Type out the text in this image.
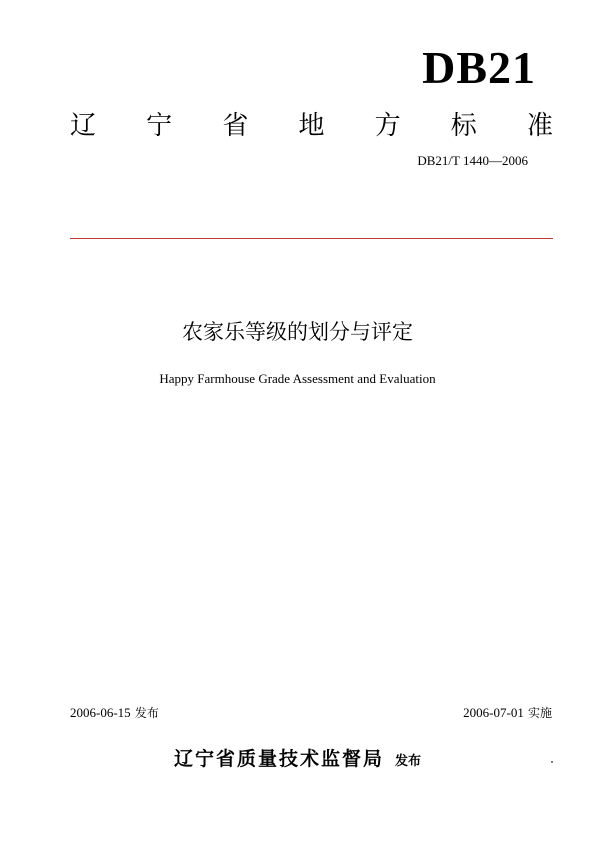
DB21
辽 宁 省 地 方 标 准
DB21/T 1440—2006
农家乐等级的划分与评定
Happy Farmhouse Grade Assessment and Evaluation
2006-06-15 发布	2006-07-01 实施
辽宁省质量技术监督局 发布
